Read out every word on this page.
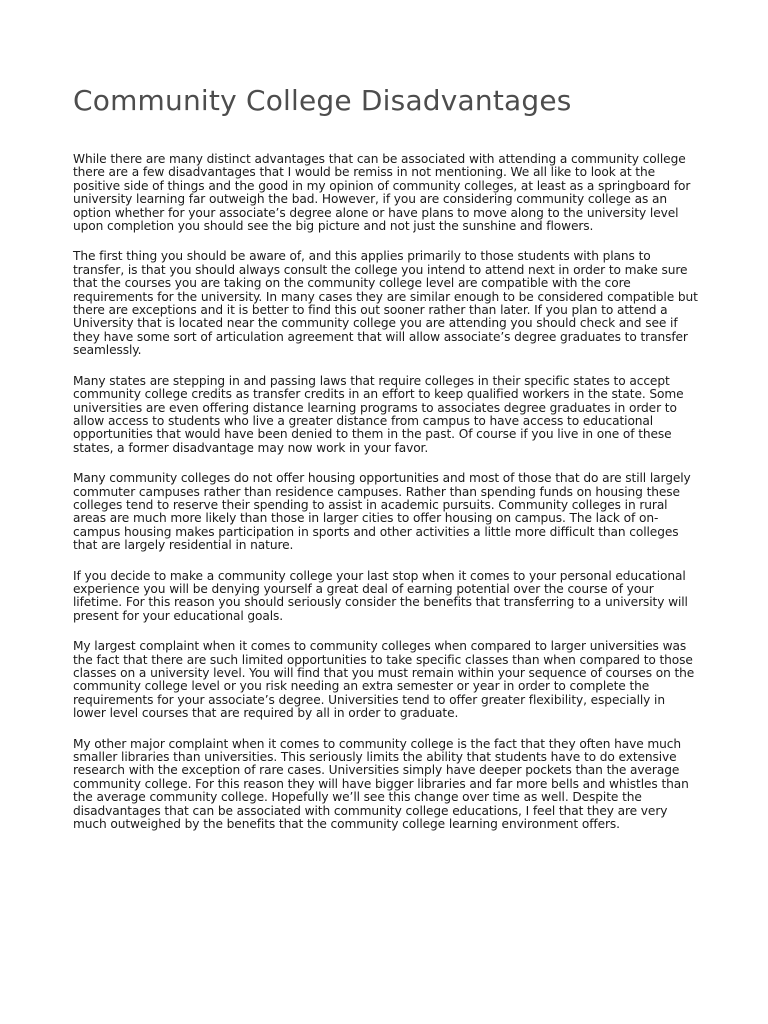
Community College Disadvantages

While there are many distinct advantages that can be associated with attending a community college there are a few disadvantages that I would be remiss in not mentioning. We all like to look at the positive side of things and the good in my opinion of community colleges, at least as a springboard for university learning far outweigh the bad. However, if you are considering community college as an option whether for your associate’s degree alone or have plans to move along to the university level upon completion you should see the big picture and not just the sunshine and flowers.

The first thing you should be aware of, and this applies primarily to those students with plans to transfer, is that you should always consult the college you intend to attend next in order to make sure that the courses you are taking on the community college level are compatible with the core requirements for the university. In many cases they are similar enough to be considered compatible but there are exceptions and it is better to find this out sooner rather than later. If you plan to attend a University that is located near the community college you are attending you should check and see if they have some sort of articulation agreement that will allow associate’s degree graduates to transfer seamlessly.

Many states are stepping in and passing laws that require colleges in their specific states to accept community college credits as transfer credits in an effort to keep qualified workers in the state. Some universities are even offering distance learning programs to associates degree graduates in order to allow access to students who live a greater distance from campus to have access to educational opportunities that would have been denied to them in the past. Of course if you live in one of these states, a former disadvantage may now work in your favor.

Many community colleges do not offer housing opportunities and most of those that do are still largely commuter campuses rather than residence campuses. Rather than spending funds on housing these colleges tend to reserve their spending to assist in academic pursuits. Community colleges in rural areas are much more likely than those in larger cities to offer housing on campus. The lack of on-campus housing makes participation in sports and other activities a little more difficult than colleges that are largely residential in nature.

If you decide to make a community college your last stop when it comes to your personal educational experience you will be denying yourself a great deal of earning potential over the course of your lifetime. For this reason you should seriously consider the benefits that transferring to a university will present for your educational goals.

My largest complaint when it comes to community colleges when compared to larger universities was the fact that there are such limited opportunities to take specific classes than when compared to those classes on a university level. You will find that you must remain within your sequence of courses on the community college level or you risk needing an extra semester or year in order to complete the requirements for your associate’s degree. Universities tend to offer greater flexibility, especially in lower level courses that are required by all in order to graduate.

My other major complaint when it comes to community college is the fact that they often have much smaller libraries than universities. This seriously limits the ability that students have to do extensive research with the exception of rare cases. Universities simply have deeper pockets than the average community college. For this reason they will have bigger libraries and far more bells and whistles than the average community college. Hopefully we’ll see this change over time as well. Despite the disadvantages that can be associated with community college educations, I feel that they are very much outweighed by the benefits that the community college learning environment offers.
